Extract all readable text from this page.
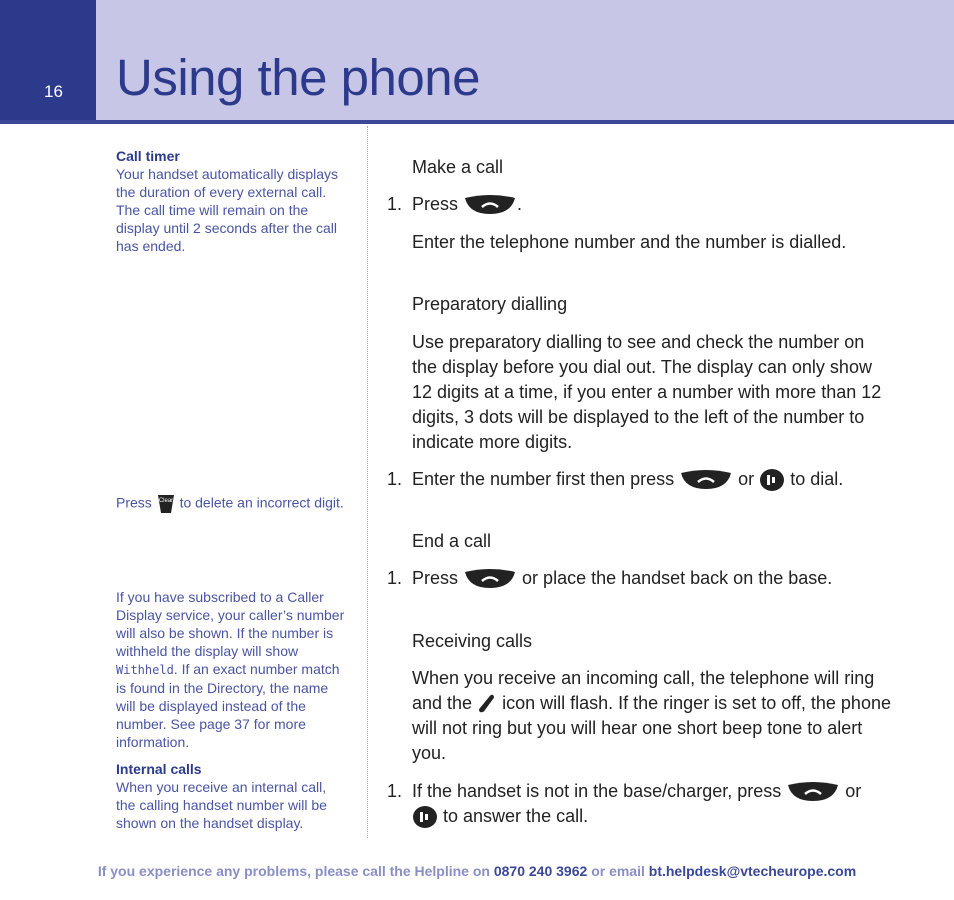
16 Using the phone
Call timer
Your handset automatically displays the duration of every external call. The call time will remain on the display until 2 seconds after the call has ended.
Press Clear to delete an incorrect digit.
If you have subscribed to a Caller Display service, your caller’s number will also be shown. If the number is withheld the display will show Withheld. If an exact number match is found in the Directory, the name will be displayed instead of the number. See page 37 for more information.
Internal calls
When you receive an internal call, the calling handset number will be shown on the handset display.
Make a call
1. Press	.
Enter the telephone number and the number is dialled.
Preparatory dialling
Use preparatory dialling to see and check the number on the display before you dial out. The display can only show 12 digits at a time, if you enter a number with more than 12 digits, 3 dots will be displayed to the left of the number to indicate more digits.
1. Enter the number first then press	or to dial.
End a call
1. Press	or place the handset back on the base.
Receiving calls
When you receive an incoming call, the telephone will ring and the icon will flash. If the ringer is set to off, the phone will not ring but you will hear one short beep tone to alert you.
1. If the handset is not in the base/charger, press	or  to answer the call.
If you experience any problems, please call the Helpline on 0870 240 3962 or email bt.helpdesk@vtecheurope.com
